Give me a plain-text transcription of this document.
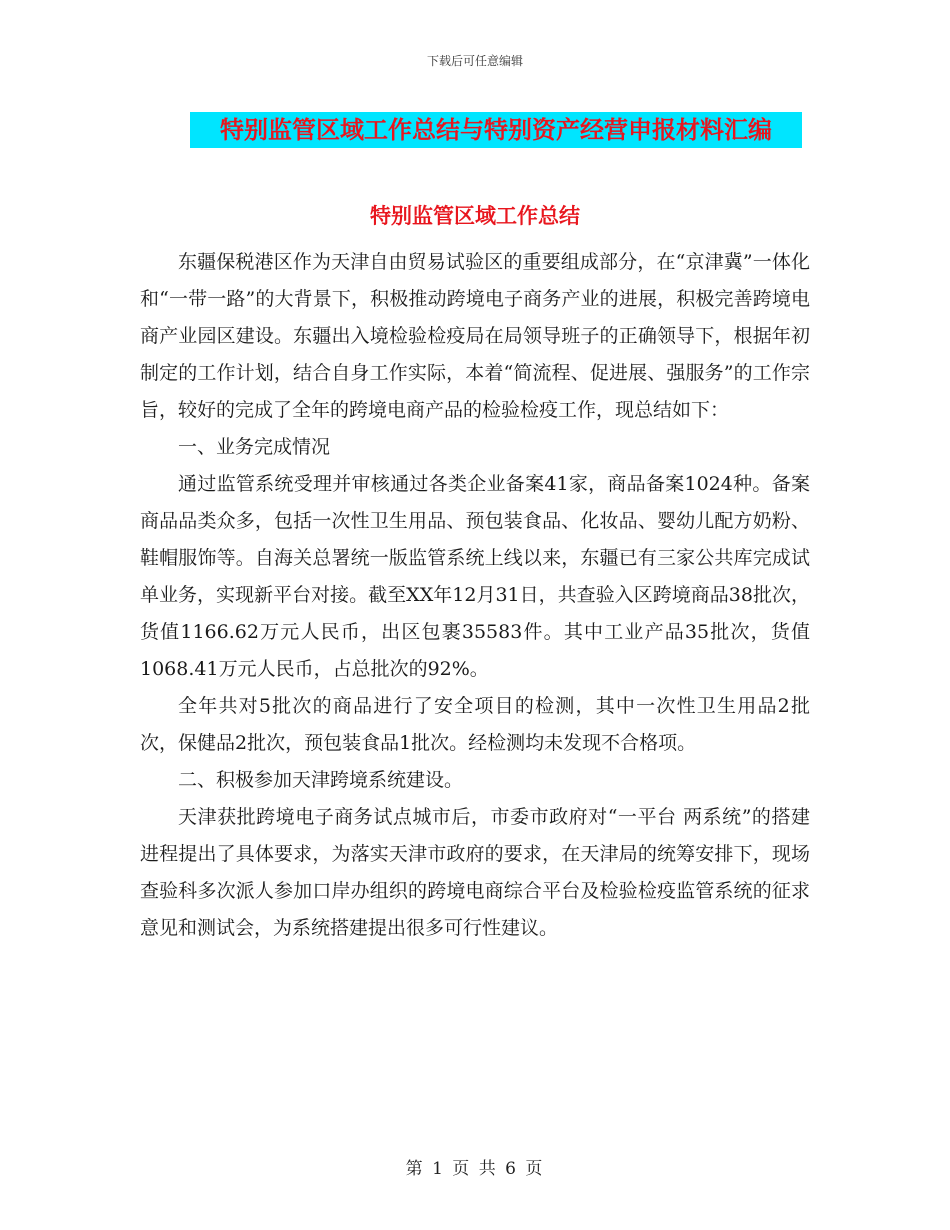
下载后可任意编辑
特别监管区域工作总结与特别资产经营申报材料汇编
特别监管区域工作总结

东疆保税港区作为天津自由贸易试验区的重要组成部分，在“京津冀”一体化和“一带一路”的大背景下，积极推动跨境电子商务产业的进展，积极完善跨境电商产业园区建设。东疆出入境检验检疫局在局领导班子的正确领导下，根据年初制定的工作计划，结合自身工作实际，本着“简流程、促进展、强服务”的工作宗旨，较好的完成了全年的跨境电商产品的检验检疫工作，现总结如下：

一、业务完成情况

通过监管系统受理并审核通过各类企业备案41家，商品备案1024种。备案商品品类众多，包括一次性卫生用品、预包装食品、化妆品、婴幼儿配方奶粉、鞋帽服饰等。自海关总署统一版监管系统上线以来，东疆已有三家公共库完成试单业务，实现新平台对接。截至XX年12月31日，共查验入区跨境商品38批次，货值1166.62万元人民币，出区包裹35583件。其中工业产品35批次，货值1068.41万元人民币，占总批次的92%。

全年共对5批次的商品进行了安全项目的检测，其中一次性卫生用品2批次，保健品2批次，预包装食品1批次。经检测均未发现不合格项。

二、积极参加天津跨境系统建设。

天津获批跨境电子商务试点城市后，市委市政府对“一平台 两系统”的搭建进程提出了具体要求，为落实天津市政府的要求，在天津局的统筹安排下，现场查验科多次派人参加口岸办组织的跨境电商综合平台及检验检疫监管系统的征求意见和测试会，为系统搭建提出很多可行性建议。

第 1 页 共 6 页
